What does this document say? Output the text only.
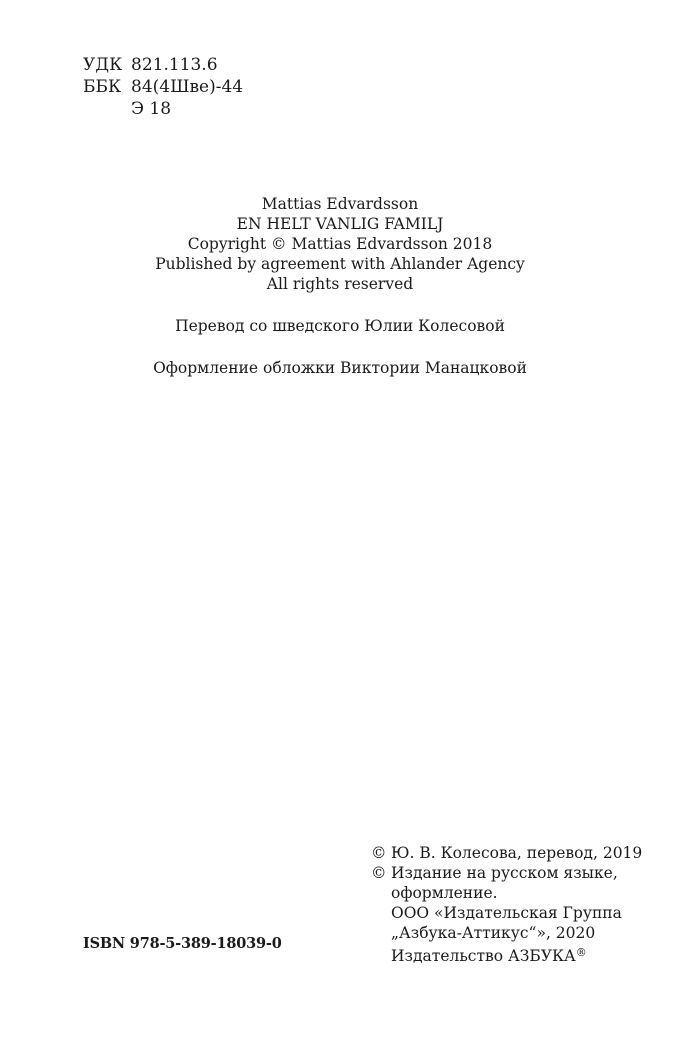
УДК 821.113.6
ББК 84(4Шве)-44
Э 18
Mattias Edvardsson
EN HELT VANLIG FAMILJ
Copyright © Mattias Edvardsson 2018
Published by agreement with Ahlander Agency
All rights reserved
Перевод со шведского Юлии Колесовой
Оформление обложки Виктории Манацковой
© Ю. В. Колесова, перевод, 2019
© Издание на русском языке,
оформление.
ООО «Издательская Группа
„Азбука-Аттикус“», 2020
Издательство АЗБУКА®
ISBN 978-5-389-18039-0
